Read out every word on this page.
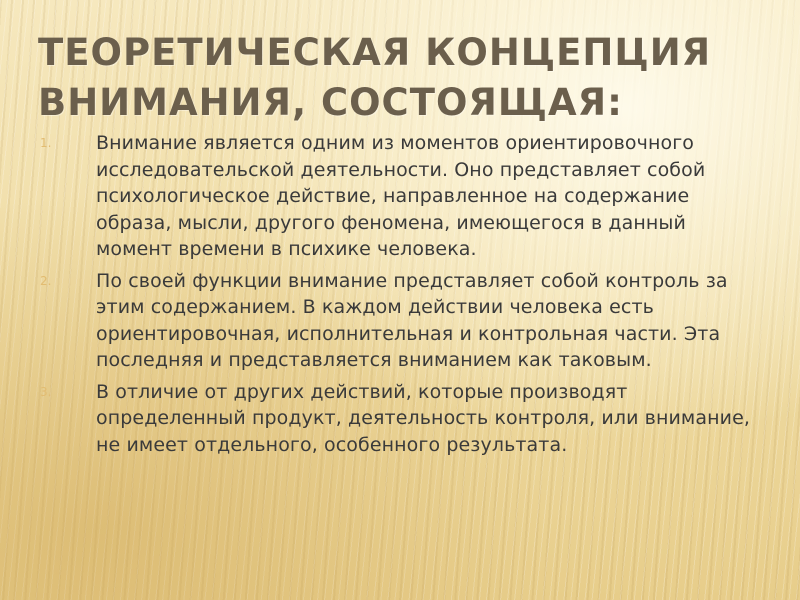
ТЕОРЕТИЧЕСКАЯ КОНЦЕПЦИЯ
ВНИМАНИЯ, СОСТОЯЩАЯ:
1.	Внимание является одним из моментов ориентировочного исследовательской деятельности. Оно представляет собой психологическое действие, направленное на содержание образа, мысли, другого феномена, имеющегося в данный момент времени в психике человека.
2.	По своей функции внимание представляет собой контроль за этим содержанием. В каждом действии человека есть ориентировочная, исполнительная и контрольная части. Эта последняя и представляется вниманием как таковым.
3.	В отличие от других действий, которые производят определенный продукт, деятельность контроля, или внимание, не имеет отдельного, особенного результата.
